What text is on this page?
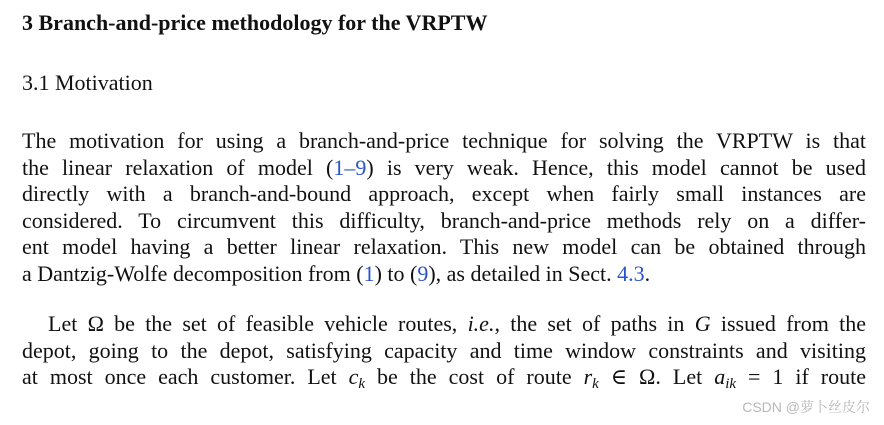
3 Branch-and-price methodology for the VRPTW
3.1 Motivation
The motivation for using a branch-and-price technique for solving the VRPTW is that
the linear relaxation of model (1–9) is very weak. Hence, this model cannot be used
directly with a branch-and-bound approach, except when fairly small instances are
considered. To circumvent this difficulty, branch-and-price methods rely on a differ-
ent model having a better linear relaxation. This new model can be obtained through
a Dantzig-Wolfe decomposition from (1) to (9), as detailed in Sect. 4.3.
Let Ω be the set of feasible vehicle routes, i.e., the set of paths in G issued from the
depot, going to the depot, satisfying capacity and time window constraints and visiting
at most once each customer. Let $c_k$ be the cost of route $r_k$ ∈ Ω. Let $a_{ik} = 1$ if route
CSDN @萝卜丝皮尔
